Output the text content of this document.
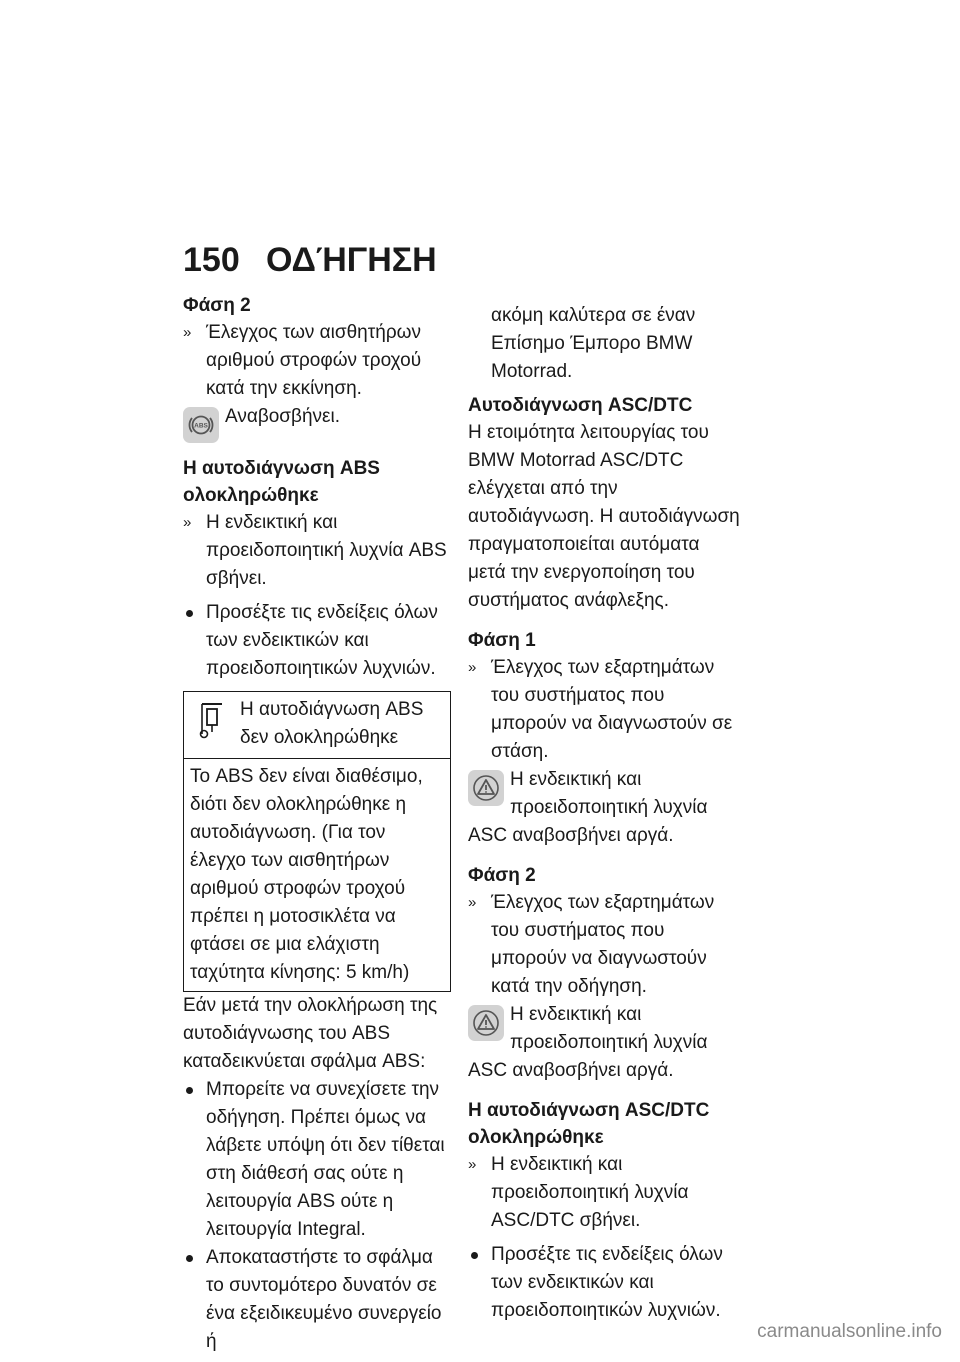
150 ΟΔΉΓΗΣΗ
Φάση 2
» Έλεγχος των αισθητήρων αριθμού στροφών τροχού κατά την εκκίνηση.
ABS Αναβοσβήνει.
Η αυτοδιάγνωση ABS ολοκληρώθηκε
» Η ενδεικτική και προειδοποιητική λυχνία ABS σβήνει.
Προσέξτε τις ενδείξεις όλων των ενδεικτικών και προειδοποιητικών λυχνιών.
Η αυτοδιάγνωση ABS δεν ολοκληρώθηκε
Το ABS δεν είναι διαθέσιμο, διότι δεν ολοκληρώθηκε η αυτοδιάγνωση. (Για τον έλεγχο των αισθητήρων αριθμού στροφών τροχού πρέπει η μοτοσικλέτα να φτάσει σε μια ελάχιστη ταχύτητα κίνησης: 5 km/h)

Εάν μετά την ολοκλήρωση της αυτοδιάγνωσης του ABS καταδεικνύεται σφάλμα ABS:

Μπορείτε να συνεχίσετε την οδήγηση. Πρέπει όμως να λάβετε υπόψη ότι δεν τίθεται στη διάθεσή σας ούτε η λειτουργία ABS ούτε η λειτουργία Integral.
Αποκαταστήστε το σφάλμα το συντομότερο δυνατόν σε ένα εξειδικευμένο συνεργείο ή
ακόμη καλύτερα σε έναν Επίσημο Έμπορο BMW Motorrad.
Αυτοδιάγνωση ASC/DTC

Η ετοιμότητα λειτουργίας του BMW Motorrad ASC/DTC ελέγχεται από την αυτοδιάγνωση. Η αυτοδιάγνωση πραγματοποιείται αυτόματα μετά την ενεργοποίηση του συστήματος ανάφλεξης.

Φάση 1
» Έλεγχος των εξαρτημάτων του συστήματος που μπορούν να διαγνωστούν σε στάση.
Η ενδεικτική και προειδοποιητική λυχνία ASC αναβοσβήνει αργά.
Φάση 2
» Έλεγχος των εξαρτημάτων του συστήματος που μπορούν να διαγνωστούν κατά την οδήγηση.
Η ενδεικτική και προειδοποιητική λυχνία ASC αναβοσβήνει αργά.
Η αυτοδιάγνωση ASC/DTC ολοκληρώθηκε
» Η ενδεικτική και προειδοποιητική λυχνία ASC/DTC σβήνει.
Προσέξτε τις ενδείξεις όλων των ενδεικτικών και προειδοποιητικών λυχνιών.
carmanualsonline.info
